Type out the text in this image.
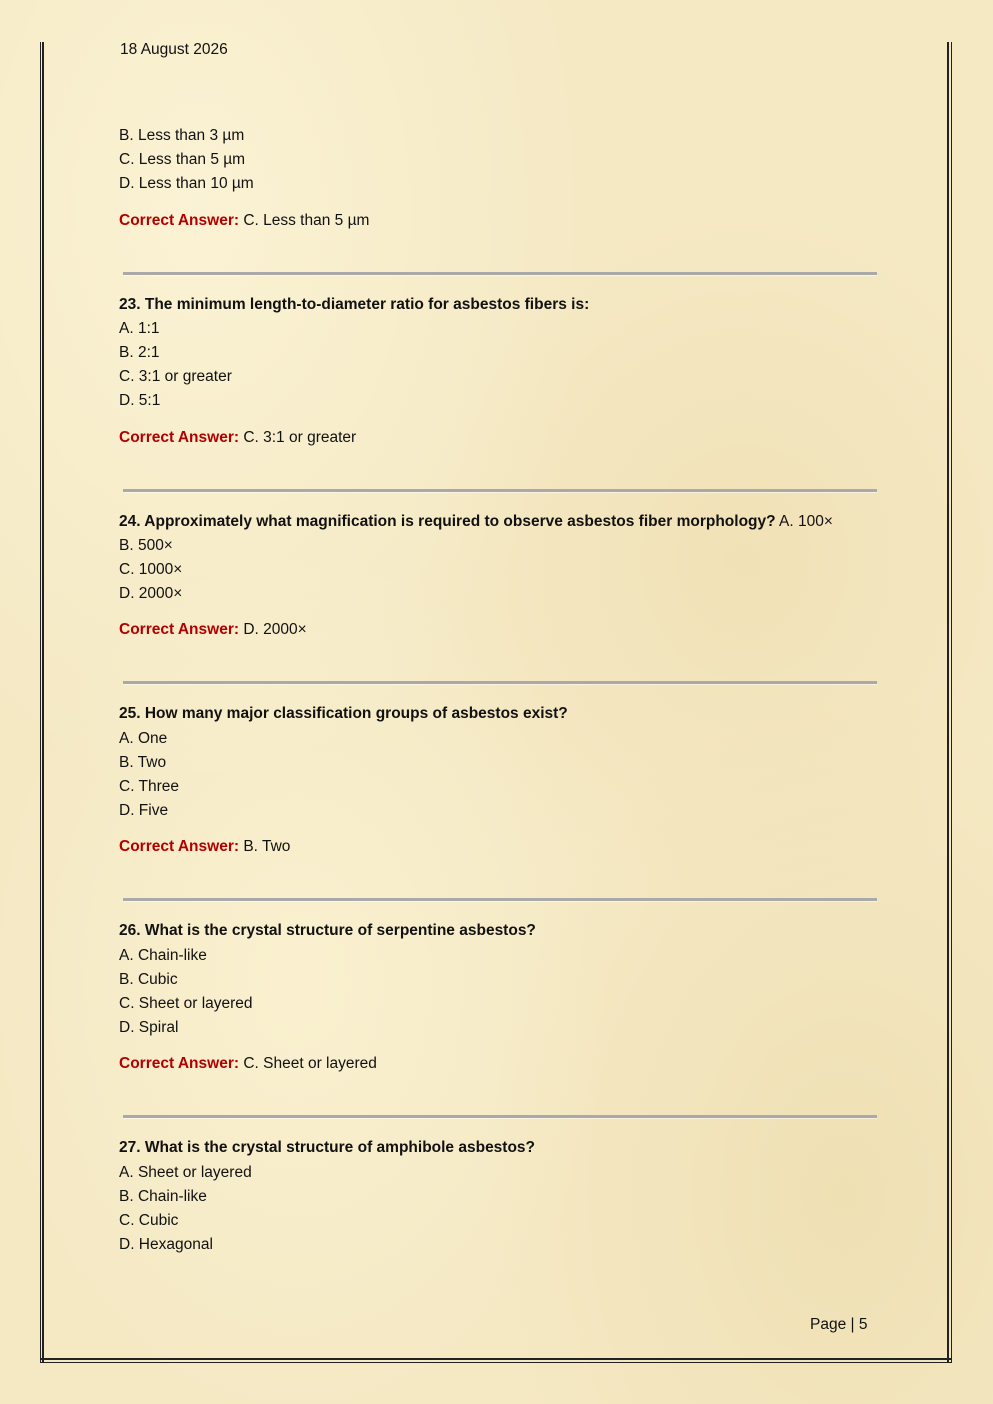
18 August 2026
B. Less than 3 µm
C. Less than 5 µm
D. Less than 10 µm
Correct Answer: C. Less than 5 µm
23. The minimum length-to-diameter ratio for asbestos fibers is:
A. 1:1
B. 2:1
C. 3:1 or greater
D. 5:1
Correct Answer: C. 3:1 or greater
24. Approximately what magnification is required to observe asbestos fiber morphology? A. 100×
B. 500×
C. 1000×
D. 2000×
Correct Answer: D. 2000×
25. How many major classification groups of asbestos exist?
A. One
B. Two
C. Three
D. Five
Correct Answer: B. Two
26. What is the crystal structure of serpentine asbestos?
A. Chain-like
B. Cubic
C. Sheet or layered
D. Spiral
Correct Answer: C. Sheet or layered
27. What is the crystal structure of amphibole asbestos?
A. Sheet or layered
B. Chain-like
C. Cubic
D. Hexagonal
Page | 5
